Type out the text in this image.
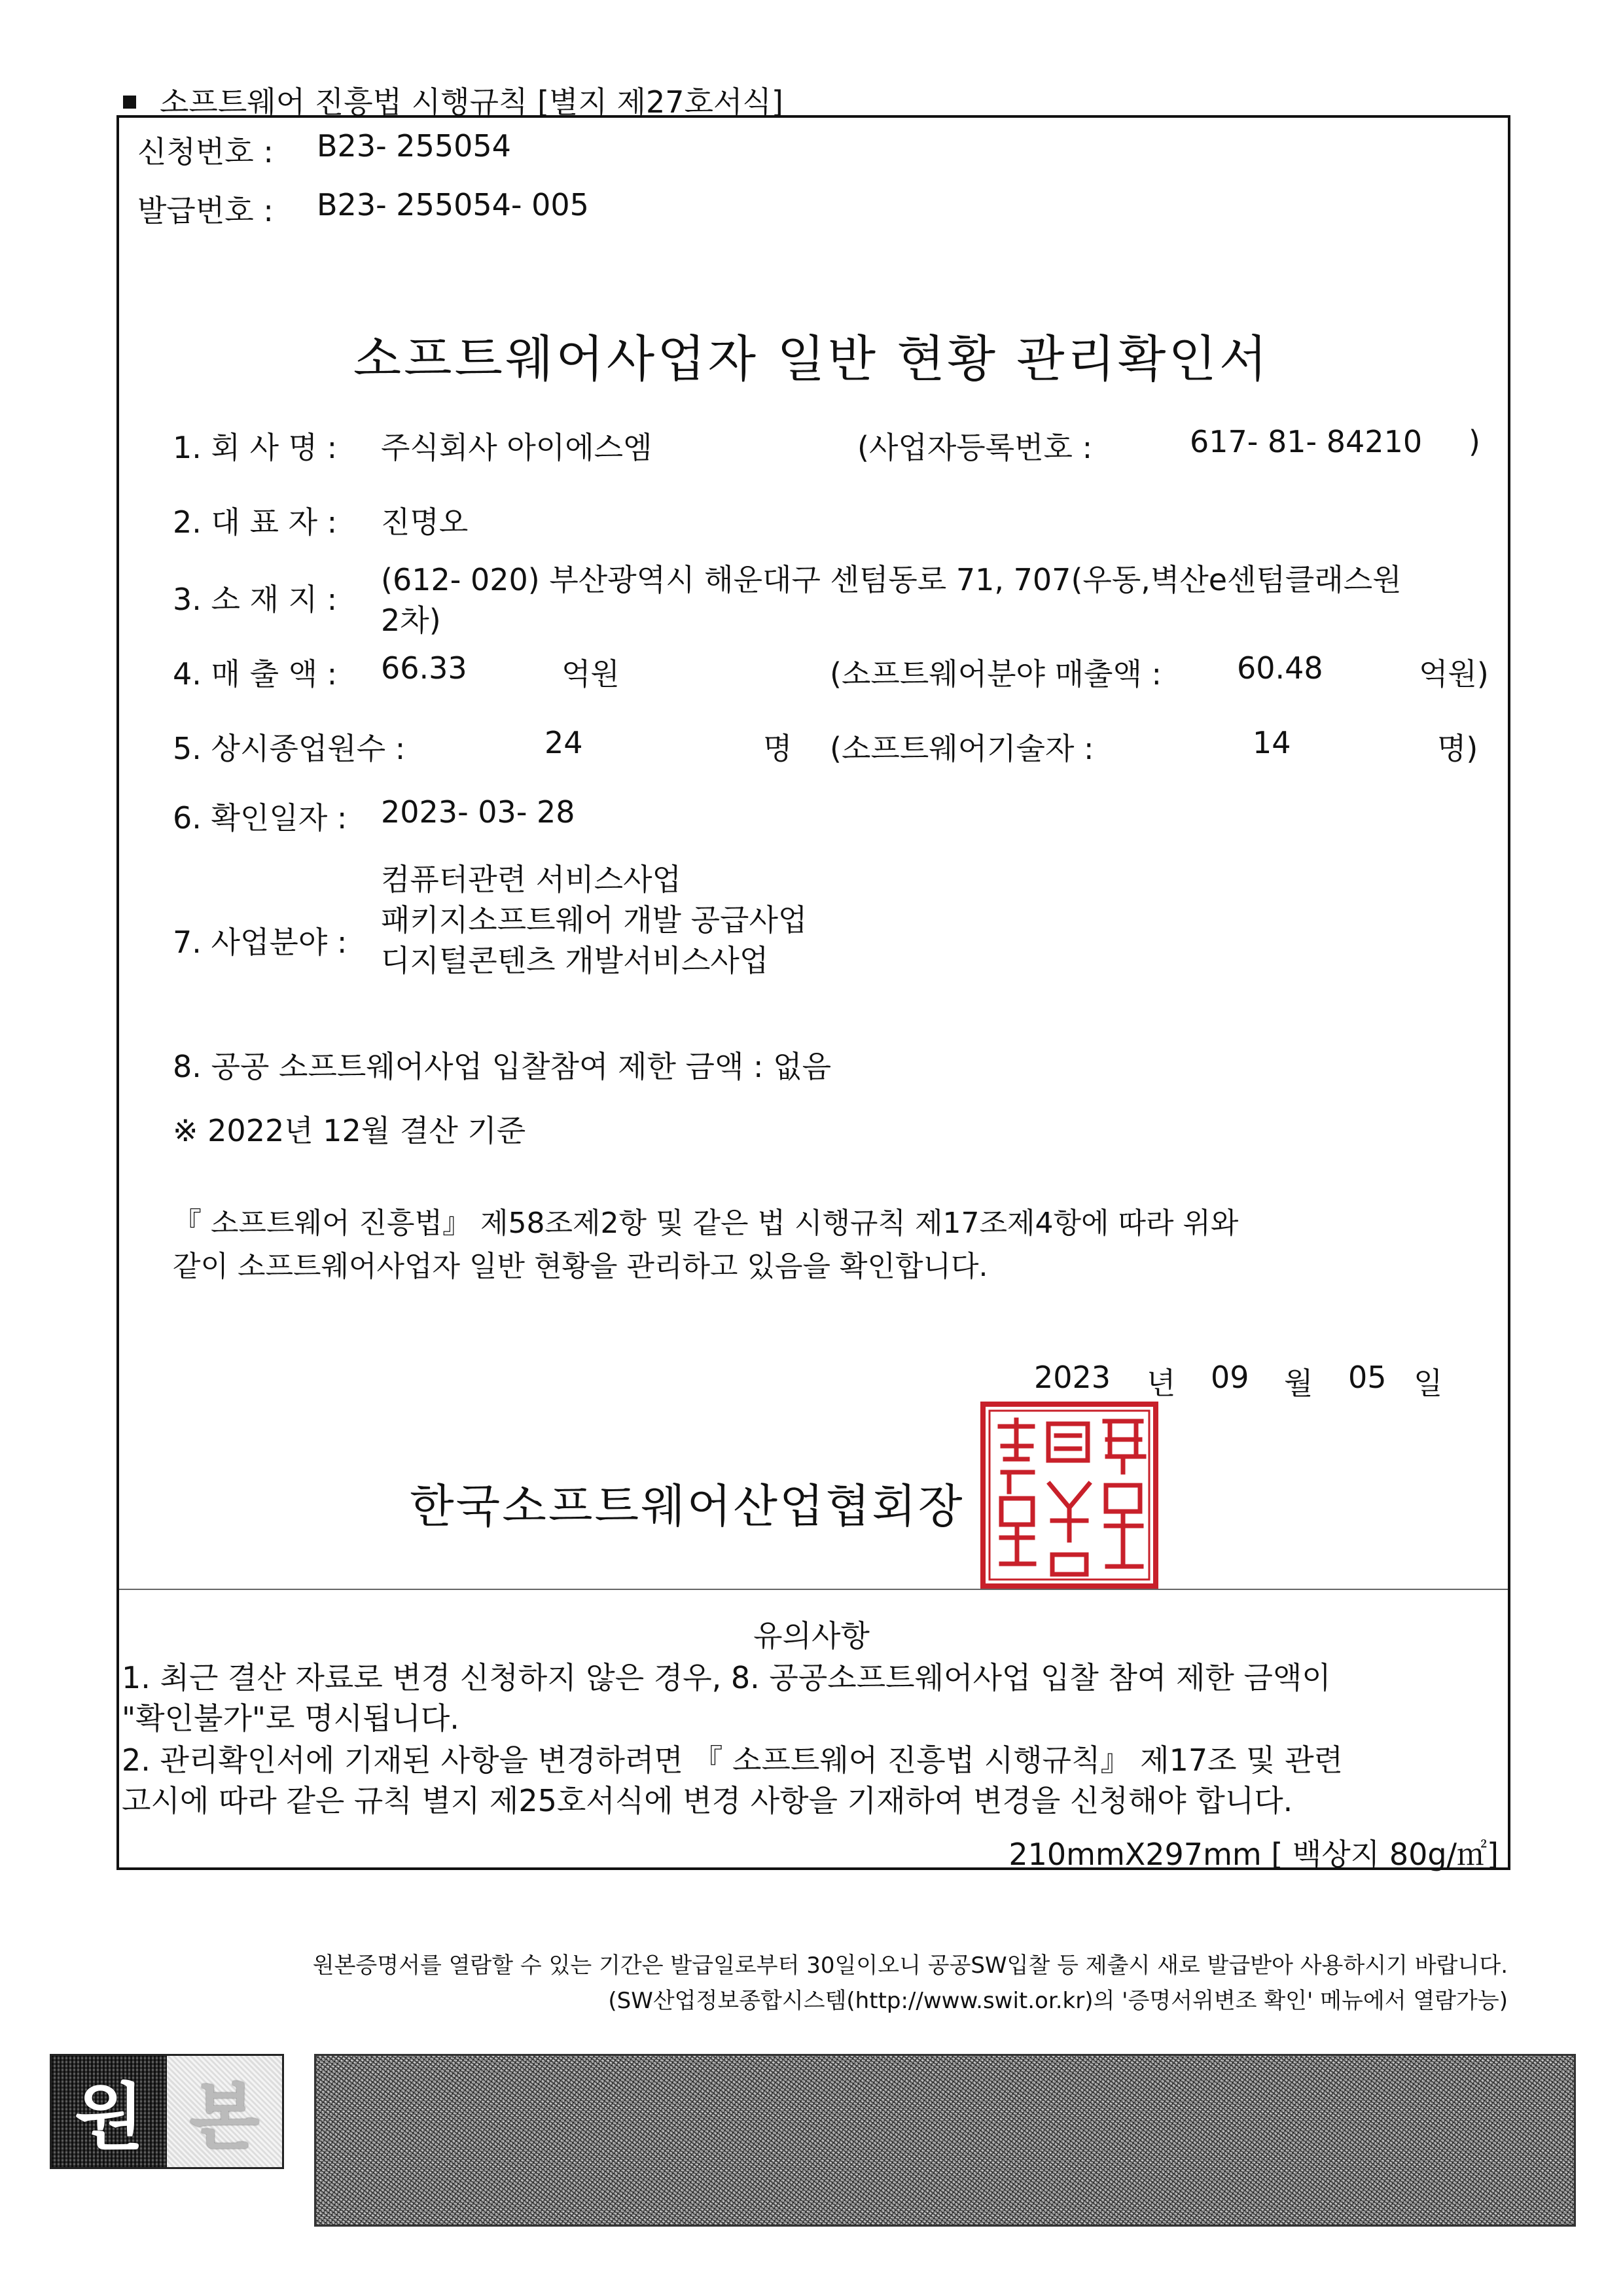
소프트웨어 진흥법 시행규칙 [별지 제27호서식]
신청번호 : B23- 255054
발급번호 : B23- 255054- 005
소프트웨어사업자 일반 현황 관리확인서
1. 회 사 명 : 주식회사 아이에스엠	(사업자등록번호 :	617- 81- 84210 )
2. 대 표 자 : 진명오
3. 소 재 지 :
(612- 020) 부산광역시 해운대구 센텀동로 71, 707(우동,벽산e센텀클래스원
2차)
4. 매 출 액 : 66.33	억원	(소프트웨어분야 매출액 : 60.48	억원)
5. 상시종업원수 :	24	명 (소프트웨어기술자 :	14	명)
6. 확인일자 : 2023- 03- 28
7. 사업분야 :
컴퓨터관련 서비스사업
패키지소프트웨어 개발 공급사업
디지털콘텐츠 개발서비스사업
8. 공공 소프트웨어사업 입찰참여 제한 금액 : 없음
※ 2022년 12월 결산 기준
『 소프트웨어 진흥법』 제58조제2항 및 같은 법 시행규칙 제17조제4항에 따라 위와
같이 소프트웨어사업자 일반 현황을 관리하고 있음을 확인합니다.
2023 년 09 월 05 일
한국소프트웨어산업협회장
유의사항
1. 최근 결산 자료로 변경 신청하지 않은 경우, 8. 공공소프트웨어사업 입찰 참여 제한 금액이
"확인불가"로 명시됩니다.
2. 관리확인서에 기재된 사항을 변경하려면 『 소프트웨어 진흥법 시행규칙』 제17조 및 관련
고시에 따라 같은 규칙 별지 제25호서식에 변경 사항을 기재하여 변경을 신청해야 합니다.
210mmX297mm [ 백상지 80g/㎡]
원본증명서를 열람할 수 있는 기간은 발급일로부터 30일이오니 공공SW입찰 등 제출시 새로 발급받아 사용하시기 바랍니다.
(SW산업정보종합시스템(http://www.swit.or.kr)의 '증명서위변조 확인' 메뉴에서 열람가능)
원 본
